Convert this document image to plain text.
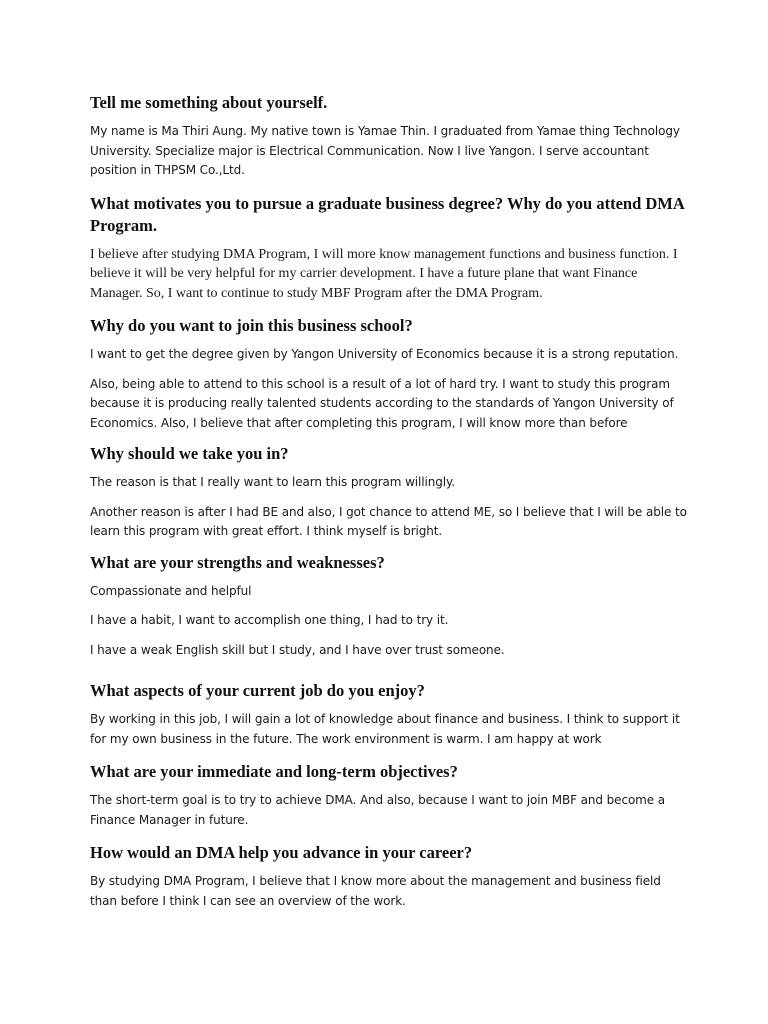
Tell me something about yourself.
My name is Ma Thiri Aung. My native town is Yamae Thin. I graduated from Yamae thing Technology University. Specialize major is Electrical Communication. Now I live Yangon. I serve accountant position in THPSM Co.,Ltd.
What motivates you to pursue a graduate business degree? Why do you attend DMA Program.
I believe after studying DMA Program, I will more know management functions and business function. I believe it will be very helpful for my carrier development. I have a future plane that want Finance Manager. So, I want to continue to study MBF Program after the DMA Program.
Why do you want to join this business school?
I want to get the degree given by Yangon University of Economics because it is a strong reputation.
Also, being able to attend to this school is a result of a lot of hard try. I want to study this program because it is producing really talented students according to the standards of Yangon University of Economics. Also, I believe that after completing this program, I will know more than before
Why should we take you in?
The reason is that I really want to learn this program willingly.
Another reason is after I had BE and also, I got chance to attend ME, so I believe that I will be able to learn this program with great effort. I think myself is bright.
What are your strengths and weaknesses?
Compassionate and helpful
I have a habit, I want to accomplish one thing, I had to try it.
I have a weak English skill but I study, and I have over trust someone.
What aspects of your current job do you enjoy?
By working in this job, I will gain a lot of knowledge about finance and business. I think to support it for my own business in the future. The work environment is warm. I am happy at work
What are your immediate and long-term objectives?
The short-term goal is to try to achieve DMA. And also, because I want to join MBF and become a Finance Manager in future.
How would an DMA help you advance in your career?
By studying DMA Program, I believe that I know more about the management and business field than before I think I can see an overview of the work.
